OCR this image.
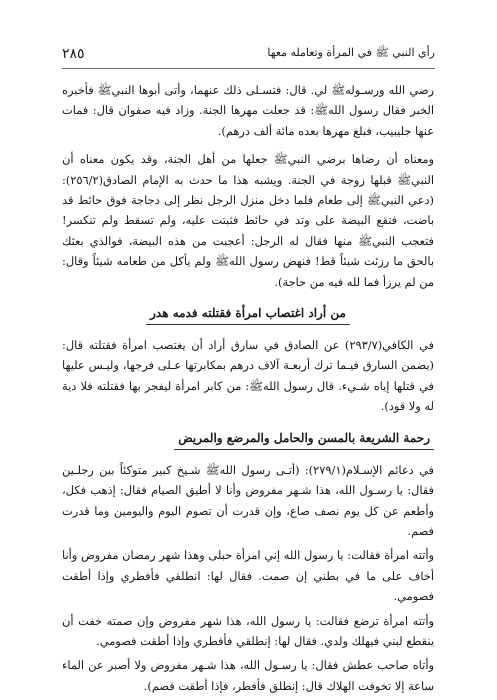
رأي النبي ﷺ في المرأة وتعامله معها
٢٨٥

رضي الله ورسـولهﷺ لي. قال: فتسـلى ذلك عنهما، وأتى أبوها النبيﷺ فأخبره الخبر فقال رسول اللهﷺ: قد جعلت مهرها الجنة. وزاد فيه صفوان قال: فمات عنها جليبيب، فبلغ مهرها بعده مائة ألف درهم).

ومعناه أن رضاها برضي النبيﷺ جعلها من أهل الجنة، وقد يكون معناه أن النبيﷺ قبلها زوجة في الجنة. ويشبه هذا ما حدث به الإمام الصادق(٢٥٦/٢):(دعي النبيﷺ إلى طعام فلما دخل منزل الرجل نظر إلى دجاجة فوق حائط قد باضت، فتقع البيضة على وتد في حائط فثبتت عليه، ولم تسقط ولم تنكسر! فتعجب النبيﷺ منها فقال له الرجل: أعجبت من هذه البيضة، فوالذي بعثك بالحق ما رزئت شيئاً قط! فنهض رسول اللهﷺ ولم يأكل من طعامه شيئاً وقال: من لم يرزأ فما لله فيه من حاجة).

من أراد اغتصاب امرأة فقتلته فدمه هدر

في الكافي(٢٩٣/٧) عن الصادق في سارق أراد أن يغتصب امرأة فقتلته قال: (يضمن السارق فيـما ترك أربعـة آلاف درهم بمكابرتها عـلى فرجها، وليـس عليها في قتلها إياه شـيء. قال رسول اللهﷺ: من كابر امرأة ليفجر بها فقتلته فلا دية له ولا قود).

رحمة الشريعة بالمسن والحامل والمرضع والمريض

في دعائم الإسـلام(٢٧٩/١): (أتـى رسول اللهﷺ شـيخ كبير متوكئاً بين رجلـين فقال: يا رسـول الله، هذا شـهر مفروض وأنا لا أطيق الصيام فقال: إذهب فكل، وأطعم عن كل يوم نصف صاع، وإن قدرت أن تصوم اليوم واليومين وما قدرت فصم.

وأتته امرأة فقالت: يا رسول الله إني امرأة حبلى وهذا شهر رمضان مفروض وأنا أخاف على ما في بطني إن صمت. فقال لها: انطلقي فأفطري وإذا أطقت فصومي.

وأتته امرأة ترضع فقالت: يا رسول الله، هذا شهر مفروض وإن صمته خفت أن ينقطع لبني فيهلك ولدي. فقال لها: إنطلقي فأفطري وإذا أطقت فصومي.

وأتاه صاحب عطش فقال: يا رسـول الله، هذا شـهر مفروض ولا أصبر عن الماء ساعة إلا تخوفت الهلاك قال: إنطلق فأفطر، فإذا أطقت فصم).
